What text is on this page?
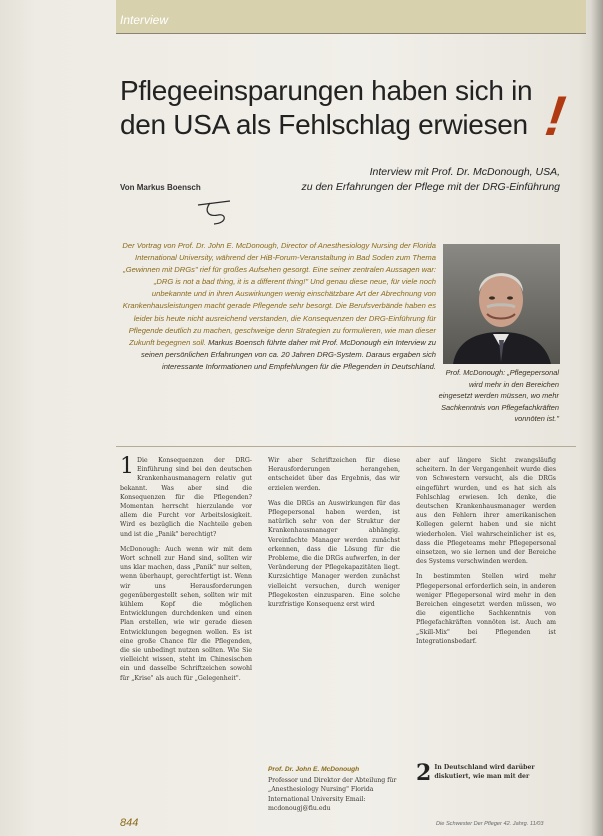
Interview
Pflegeeinsparungen haben sich in den USA als Fehlschlag erwiesen !
Interview mit Prof. Dr. McDonough, USA,
zu den Erfahrungen der Pflege mit der DRG-Einführung
Von Markus Boensch
Der Vortrag von Prof. Dr. John E. McDonough, Director of Anesthesiology Nursing der Florida International University, während der HiB-Forum-Veranstaltung in Bad Soden zum Thema „Gewinnen mit DRGs" rief für großes Aufsehen gesorgt. Eine seiner zentralen Aussagen war: „DRG is not a bad thing, it is a different thing!" Und genau diese neue, für viele noch unbekannte und in ihren Auswirkungen wenig einschätzbare Art der Abrechnung von Krankenhausleistungen macht gerade Pflegende sehr besorgt. Die Berufsverbände haben es leider bis heute nicht ausreichend verstanden, die Konsequenzen der DRG-Einführung für Pflegende deutlich zu machen, geschweige denn Strategien zu formulieren, wie man dieser Zukunft begegnen soll. Markus Boensch führte daher mit Prof. McDonough ein Interview zu seinen persönlichen Erfahrungen von ca. 20 Jahren DRG-System. Daraus ergaben sich interessante Informationen und Empfehlungen für die Pflegenden in Deutschland.
Prof. McDonough: „Pflegepersonal wird mehr in den Bereichen eingesetzt werden müssen, wo mehr Sachkenntnis von Pflegefachkräften vonnöten ist."

1 Die Konsequenzen der DRG-Einführung sind bei den deutschen Krankenhausmanagern relativ gut bekannt. Was aber sind die Konsequenzen für die Pflegenden? Momentan herrscht hierzulande vor allem die Furcht vor Arbeitslosigkeit. Wird es bezüglich die Nachteile geben und ist die „Panik" berechtigt?

McDonough: Auch wenn wir mit dem Wort schnell zur Hand sind, sollten wir uns klar machen, dass „Panik" nur selten, wenn überhaupt, gerechtfertigt ist. Wenn wir uns Herausforderungen gegenübergestellt sehen, sollten wir mit kühlem Kopf die möglichen Entwicklungen durchdenken und einen Plan erstellen, wie wir gerade diesen Entwicklungen begegnen wollen. Es ist eine große Chance für die Pflegenden, die sie unbedingt nutzen sollten. Wie Sie vielleicht wissen, steht im Chinesischen ein und dasselbe Schriftzeichen sowohl für „Krise" als auch für „Gelegenheit".

Wir aber Schriftzeichen für diese Herausforderungen herangehen, entscheidet über das Ergebnis, das wir erzielen werden.

Was die DRGs an Auswirkungen für das Pflegepersonal haben werden, ist natürlich sehr von der Struktur der Krankenhausmanager abhängig. Vereinfachte Manager werden zunächst erkennen, dass die Lösung für die Probleme, die die DRGs aufwerfen, in der Veränderung der Pflegekapazitäten liegt. Kurzsichtige Manager werden zunächst vielleicht versuchen, durch weniger Pflegekosten einzusparen. Eine solche kurzfristige Konsequenz erst wird

Prof. Dr. John E. McDonough
Professor und Direktor der Abteilung für „Anesthesiology Nursing" Florida International University Email: mcdonougj@fiu.edu

aber auf längere Sicht zwangsläufig scheitern. In der Vergangenheit wurde dies von Schwestern versucht, als die DRGs eingeführt wurden, und es hat sich als Fehlschlag erwiesen. Ich denke, die deutschen Krankenhausmanager werden aus den Fehlern ihrer amerikanischen Kollegen gelernt haben und sie nicht wiederholen. Viel wahrscheinlicher ist es, dass die Pflegeteams mehr Pflegepersonal einsetzen, wo sie lernen und der Bereiche des Systems verschwinden werden.

In bestimmten Stellen wird mehr Pflegepersonal erforderlich sein, in anderen weniger Pflegepersonal wird mehr in den Bereichen eingesetzt werden müssen, wo die eigentliche Sachkenntnis von Pflegefachkräften vonnöten ist. Auch am „Skill-Mix" bei Pflegenden ist Integrationsbedarf.

2 In Deutschland wird darüber diskutiert, wie man mit der
844	Die Schwester Der Pfleger 42. Jahrg. 11/03
